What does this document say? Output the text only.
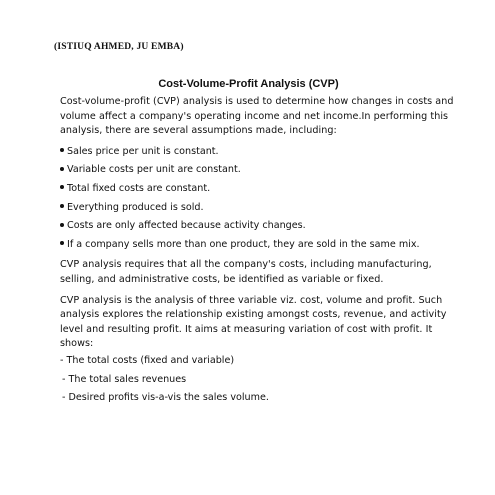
(ISTIUQ AHMED, JU EMBA)
Cost-Volume-Profit Analysis (CVP)

Cost-volume-profit (CVP) analysis is used to determine how changes in costs and volume affect a company's operating income and net income.In performing this analysis, there are several assumptions made, including:

Sales price per unit is constant.
Variable costs per unit are constant.
Total fixed costs are constant.
Everything produced is sold.
Costs are only affected because activity changes.
If a company sells more than one product, they are sold in the same mix.

CVP analysis requires that all the company's costs, including manufacturing, selling, and administrative costs, be identified as variable or fixed.

CVP analysis is the analysis of three variable viz. cost, volume and profit. Such analysis explores the relationship existing amongst costs, revenue, and activity level and resulting profit. It aims at measuring variation of cost with profit. It shows:

- The total costs (fixed and variable)
- The total sales revenues
- Desired profits vis-a-vis the sales volume.
